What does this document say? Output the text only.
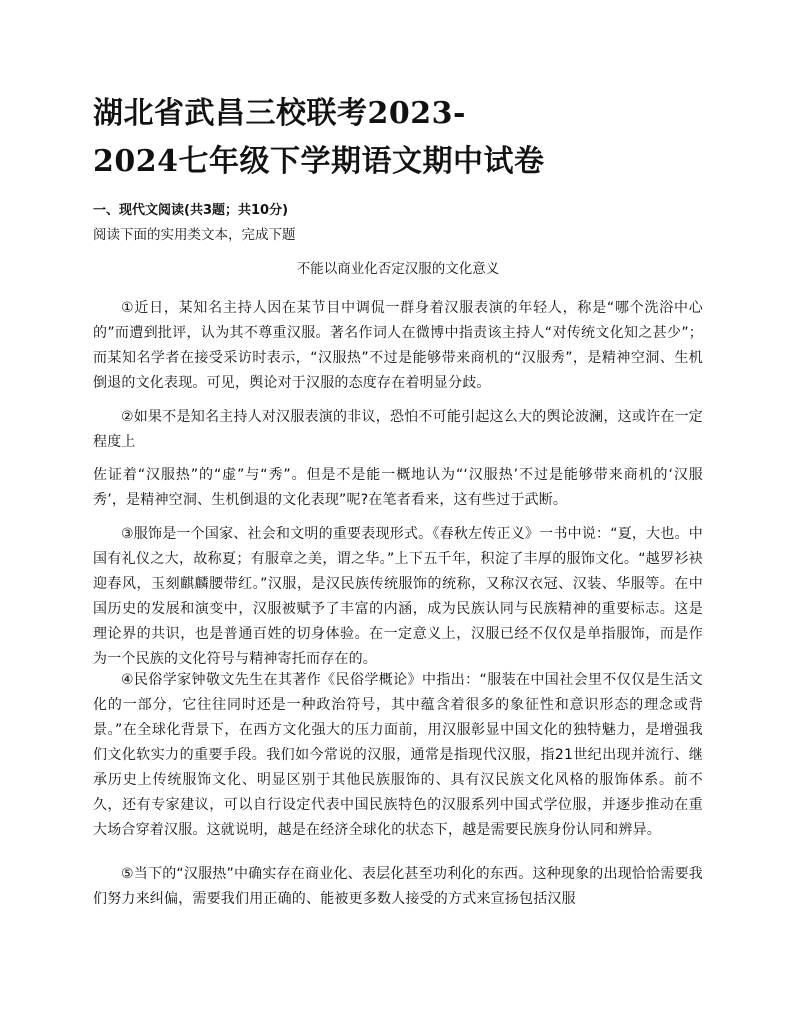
湖北省武昌三校联考2023-
2024七年级下学期语文期中试卷
一、现代文阅读(共3题；共10分)
阅读下面的实用类文本，完成下题
不能以商业化否定汉服的文化意义

①近日，某知名主持人因在某节目中调侃一群身着汉服表演的年轻人，称是“哪个洗浴中心的”而遭到批评，认为其不尊重汉服。著名作词人在微博中指责该主持人“对传统文化知之甚少”；而某知名学者在接受采访时表示，“汉服热”不过是能够带来商机的“汉服秀”，是精神空洞、生机倒退的文化表现。可见，舆论对于汉服的态度存在着明显分歧。

②如果不是知名主持人对汉服表演的非议，恐怕不可能引起这么大的舆论波澜，这或许在一定程度上

佐证着“汉服热”的“虚”与“秀”。但是不是能一概地认为“‘汉服热’不过是能够带来商机的‘汉服秀’，是精神空洞、生机倒退的文化表现”呢?在笔者看来，这有些过于武断。

③服饰是一个国家、社会和文明的重要表现形式。《春秋左传正义》一书中说：“夏，大也。中国有礼仪之大，故称夏；有服章之美，谓之华。”上下五千年，积淀了丰厚的服饰文化。“越罗衫袂迎春风，玉刻麒麟腰带红。”汉服，是汉民族传统服饰的统称，又称汉衣冠、汉装、华服等。在中国历史的发展和演变中，汉服被赋予了丰富的内涵，成为民族认同与民族精神的重要标志。这是理论界的共识，也是普通百姓的切身体验。在一定意义上，汉服已经不仅仅是单指服饰，而是作为一个民族的文化符号与精神寄托而存在的。

④民俗学家钟敬文先生在其著作《民俗学概论》中指出：“服装在中国社会里不仅仅是生活文化的一部分，它往往同时还是一种政治符号，其中蕴含着很多的象征性和意识形态的理念或背景。”在全球化背景下，在西方文化强大的压力面前，用汉服彰显中国文化的独特魅力，是增强我们文化软实力的重要手段。我们如今常说的汉服，通常是指现代汉服，指21世纪出现并流行、继承历史上传统服饰文化、明显区别于其他民族服饰的、具有汉民族文化风格的服饰体系。前不久，还有专家建议，可以自行设定代表中国民族特色的汉服系列中国式学位服，并逐步推动在重大场合穿着汉服。这就说明，越是在经济全球化的状态下，越是需要民族身份认同和辨异。

⑤当下的“汉服热”中确实存在商业化、表层化甚至功利化的东西。这种现象的出现恰恰需要我们努力来纠偏，需要我们用正确的、能被更多数人接受的方式来宣扬包括汉服
